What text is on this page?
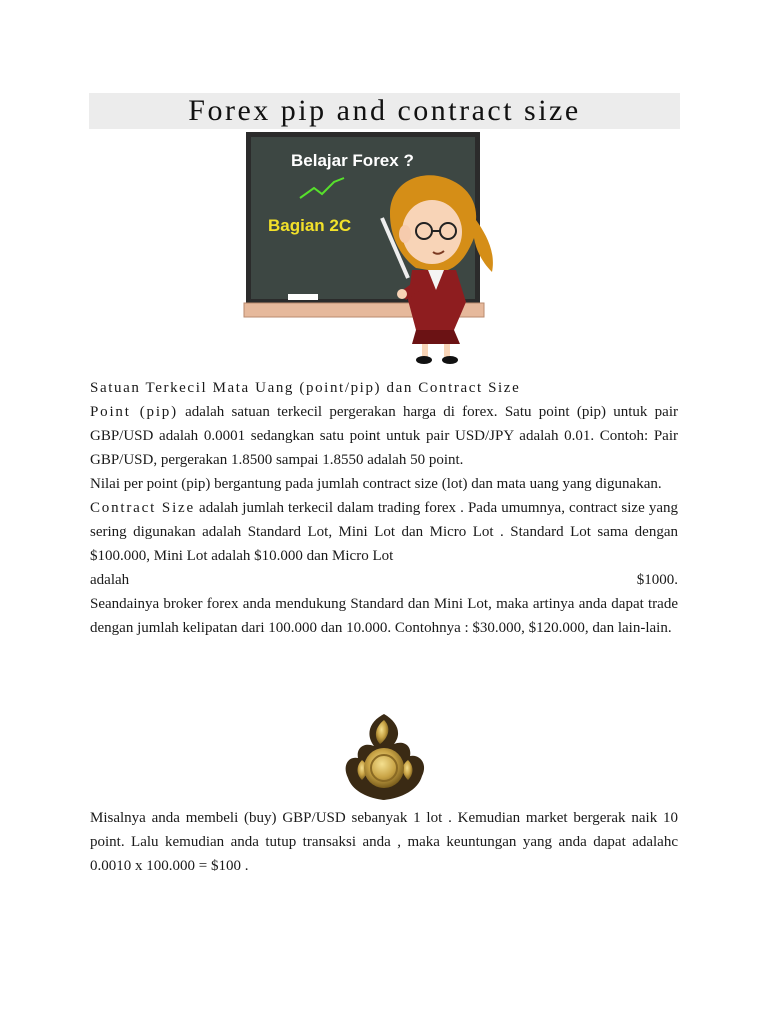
Forex pip and contract size
Belajar Forex ?
Bagian 2C

Satuan Terkecil Mata Uang (point/pip) dan Contract Size

Point (pip) adalah satuan terkecil pergerakan harga di forex. Satu point (pip) untuk pair GBP/USD adalah 0.0001 sedangkan satu point untuk pair USD/JPY adalah 0.01. Contoh: Pair GBP/USD, pergerakan 1.8500 sampai 1.8550 adalah 50 point.

Nilai per point (pip) bergantung pada jumlah contract size (lot) dan mata uang yang digunakan.

Contract Size adalah jumlah terkecil dalam trading forex . Pada umumnya, contract size yang sering digunakan adalah Standard Lot, Mini Lot dan Micro Lot . Standard Lot sama dengan $100.000, Mini Lot adalah $10.000 dan Micro Lot

adalah	$1000.

Seandainya broker forex anda mendukung Standard dan Mini Lot, maka artinya anda dapat trade dengan jumlah kelipatan dari 100.000 dan 10.000. Contohnya : $30.000, $120.000, dan lain-lain.

Misalnya anda membeli (buy) GBP/USD sebanyak 1 lot . Kemudian market bergerak naik 10 point. Lalu kemudian anda tutup transaksi anda , maka keuntungan yang anda dapat adalahc 0.0010 x 100.000 = $100 .
